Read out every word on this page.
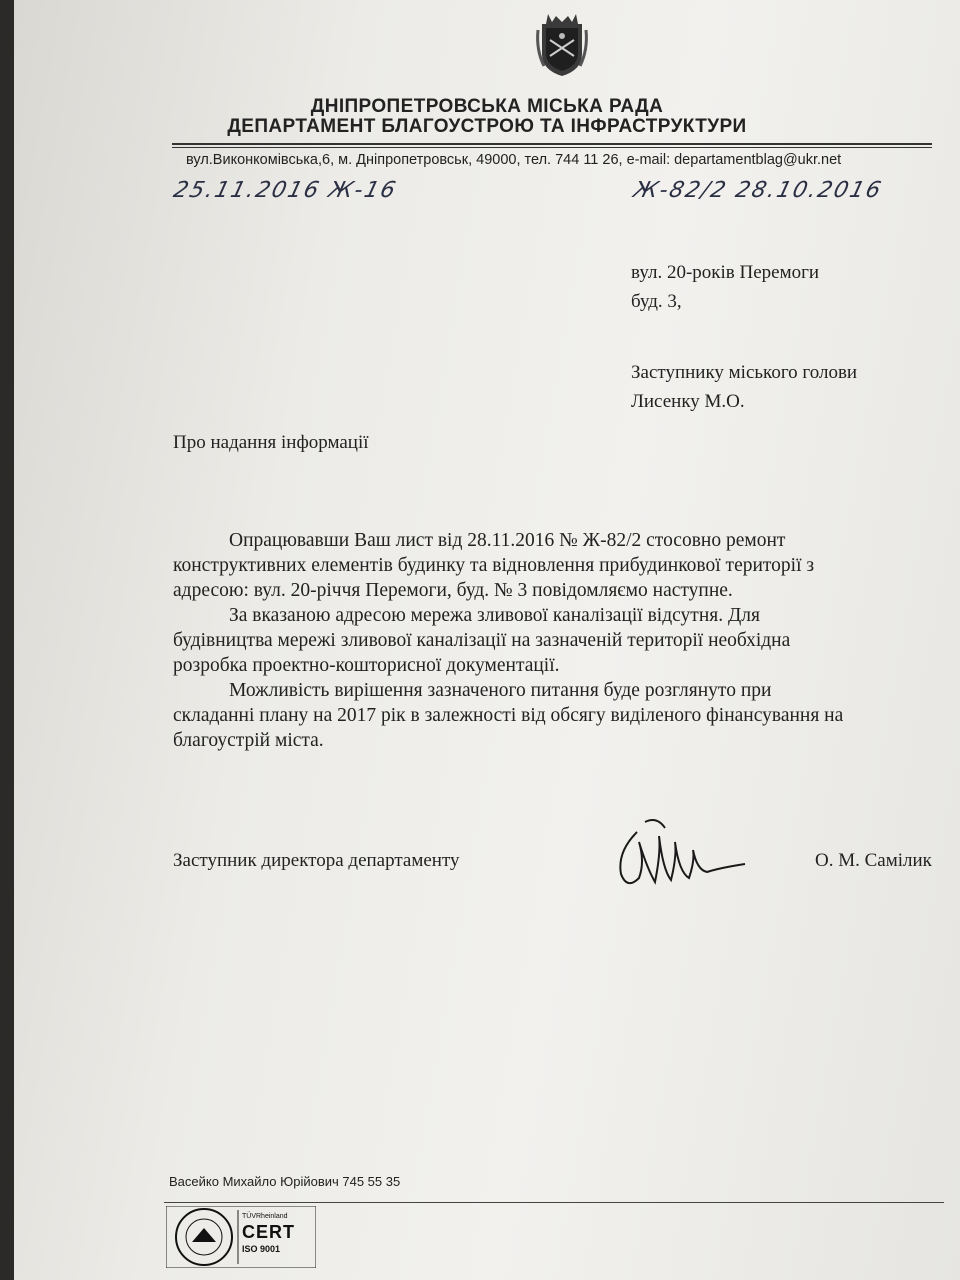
ДНІПРОПЕТРОВСЬКА МІСЬКА РАДА
ДЕПАРТАМЕНТ БЛАГОУСТРОЮ ТА ІНФРАСТРУКТУРИ
вул.Виконкомівська,6, м. Дніпропетровськ, 49000, тел. 744 11 26, e-mail: departamentblag@ukr.net
25.11.2016 Ж-16	Ж-82/2 28.10.2016
вул. 20-років Перемоги
буд. 3,
Заступнику міського голови
Лисенку М.О.
Про надання інформації

Опрацювавши Ваш лист від 28.11.2016 № Ж-82/2 стосовно ремонт

конструктивних елементів будинку та відновлення прибудинкової території з

адресою: вул. 20-річчя Перемоги, буд. № 3 повідомляємо наступне.

За вказаною адресою мережа зливової каналізації відсутня. Для

будівництва мережі зливової каналізації на зазначеній території необхідна

розробка проектно-кошторисної документації.

Можливість вирішення зазначеного питання буде розглянуто при

складанні плану на 2017 рік в залежності від обсягу виділеного фінансування на

благоустрій міста.

Заступник директора департаменту	О. М. Самілик
Васейко Михайло Юрійович 745 55 35
TÜVRheinland
CERT
ISO 9001
